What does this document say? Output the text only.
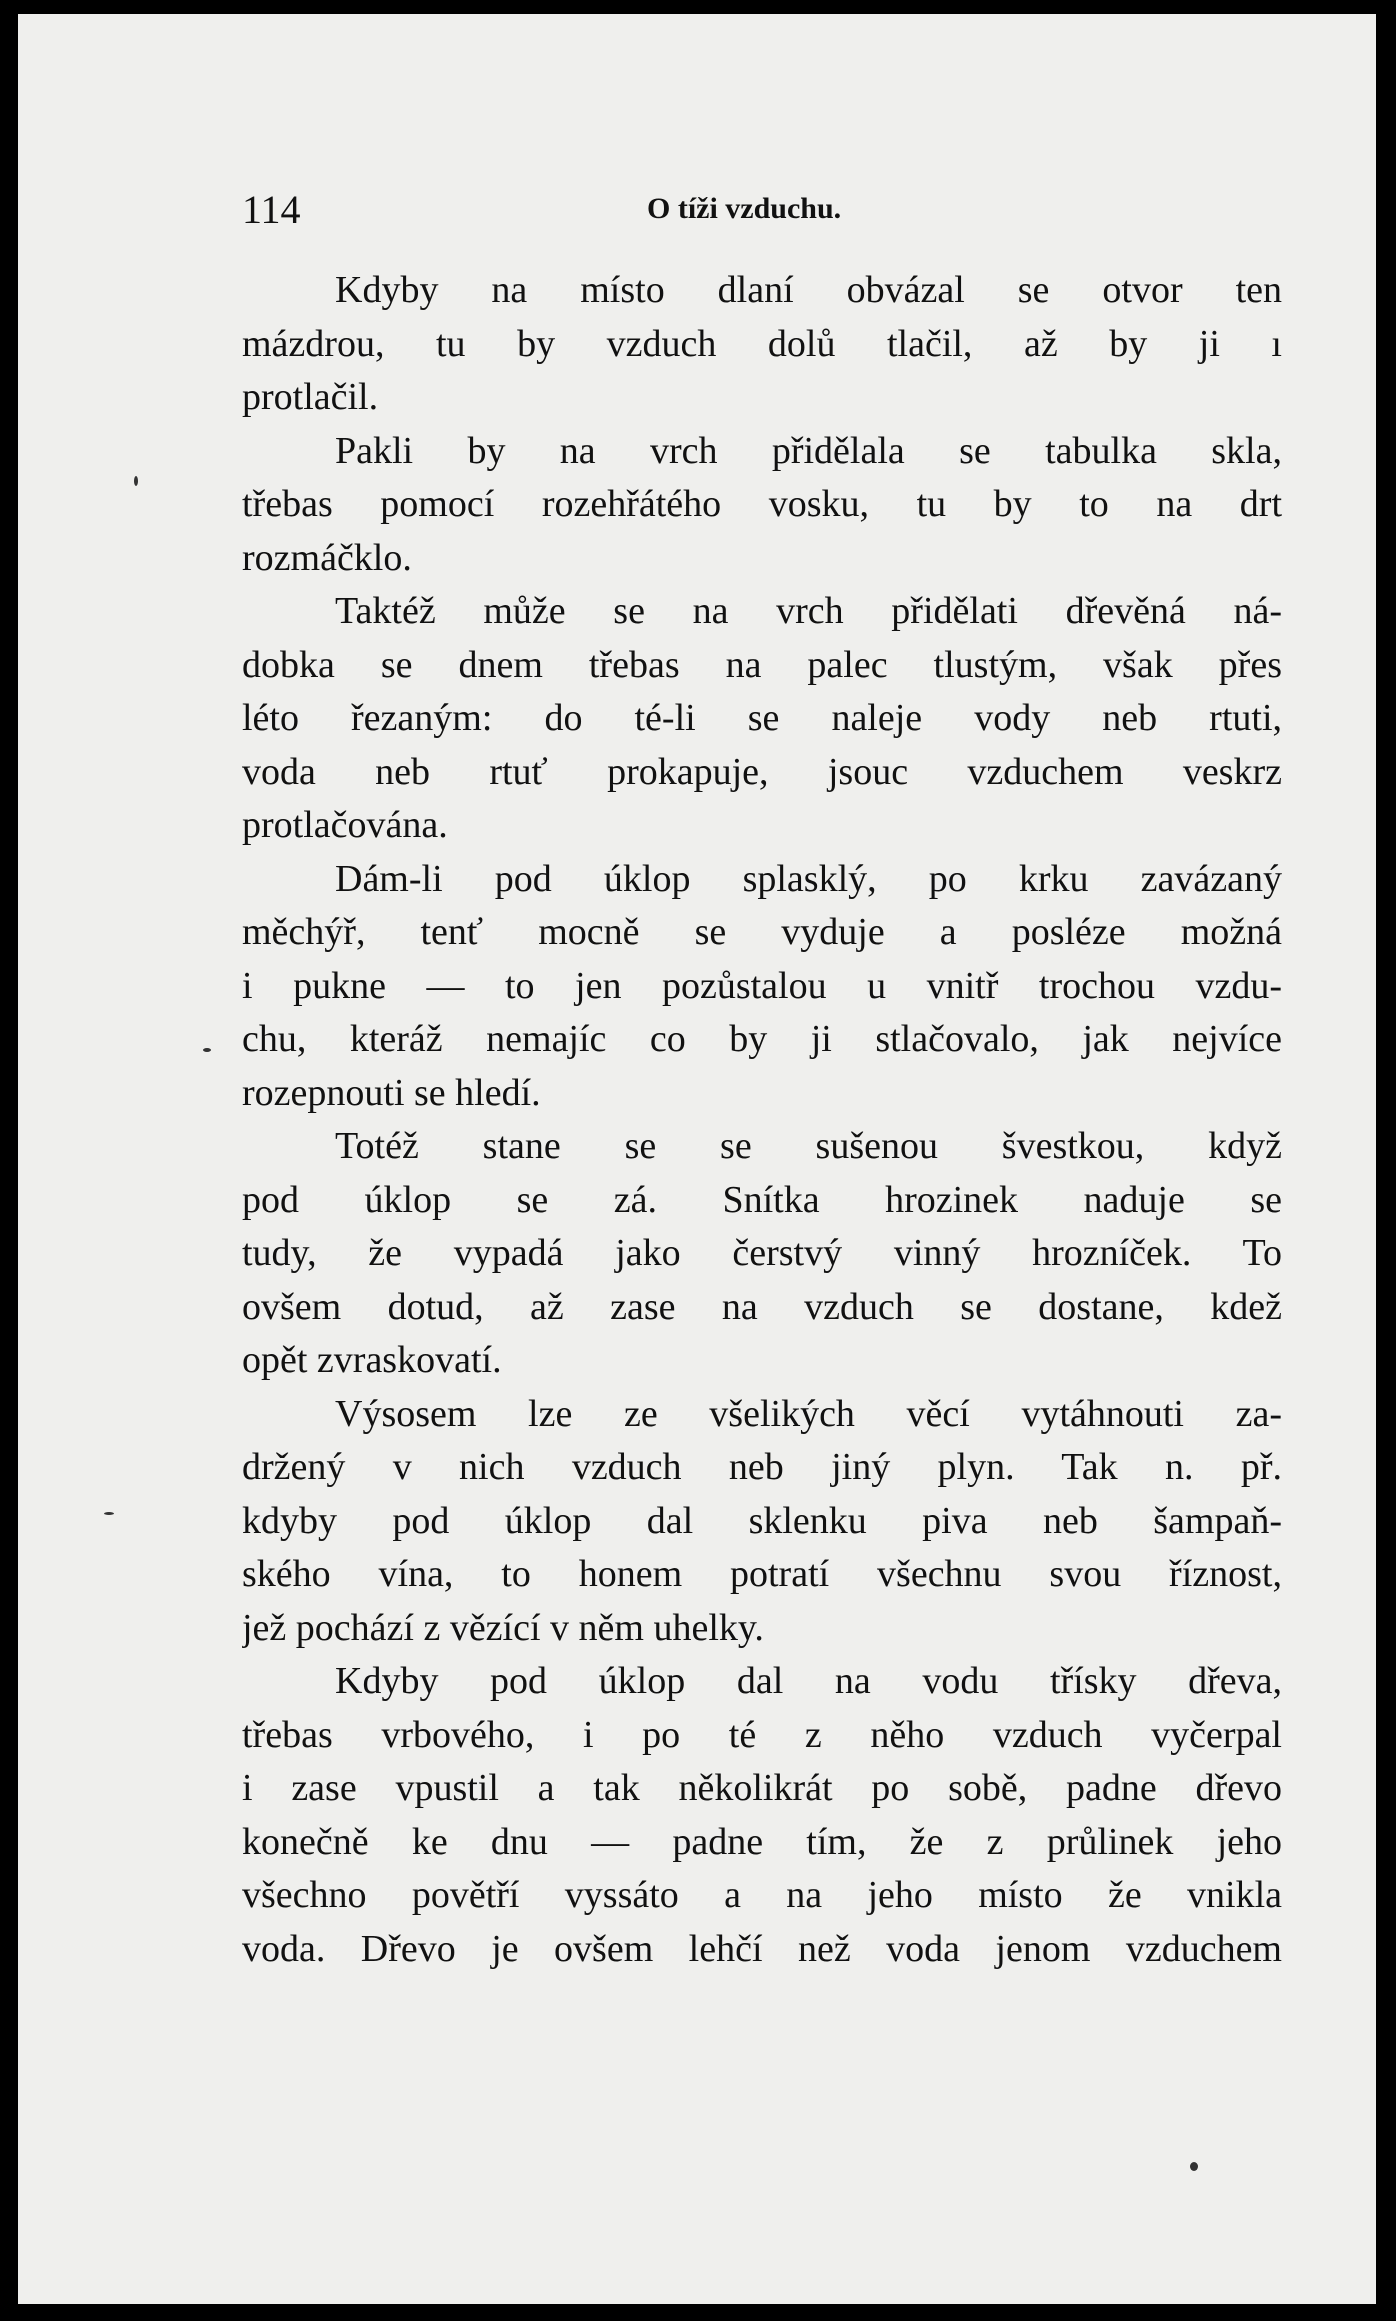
114	O tíži vzduchu.

Kdyby na místo dlaní obvázal se otvor ten
mázdrou, tu by vzduch dolů tlačil, až by ji ı
protlačil.

Pakli by na vrch přidělala se tabulka skla,
třebas pomocí rozehřátého vosku, tu by to na drt
rozmáčklo.

Taktéž může se na vrch přidělati dřevěná ná-
dobka se dnem třebas na palec tlustým, však přes
léto řezaným: do té-li se naleje vody neb rtuti,
voda neb rtuť prokapuje, jsouc vzduchem veskrz
protlačována.

Dám-li pod úklop splasklý, po krku zavázaný
měchýř, tenť mocně se vyduje a posléze možná
i pukne — to jen pozůstalou u vnitř trochou vzdu-
chu, kteráž nemajíc co by ji stlačovalo, jak nejvíce
rozepnouti se hledí.

Totéž stane se se sušenou švestkou, když
pod úklop se zá. Snítka hrozinek naduje se
tudy, že vypadá jako čerstvý vinný hrozníček. To
ovšem dotud, až zase na vzduch se dostane, kdež
opět zvraskovatí.

Výsosem lze ze všelikých věcí vytáhnouti za-
držený v nich vzduch neb jiný plyn. Tak n. př.
kdyby pod úklop dal sklenku piva neb šampaň-
ského vína, to honem potratí všechnu svou říznost,
jež pochází z vězící v něm uhelky.

Kdyby pod úklop dal na vodu třísky dřeva,
třebas vrbového, i po té z něho vzduch vyčerpal
i zase vpustil a tak několikrát po sobě, padne dřevo
konečně ke dnu — padne tím, že z průlinek jeho
všechno povětří vyssáto a na jeho místo že vnikla
voda. Dřevo je ovšem lehčí než voda jenom vzduchem
